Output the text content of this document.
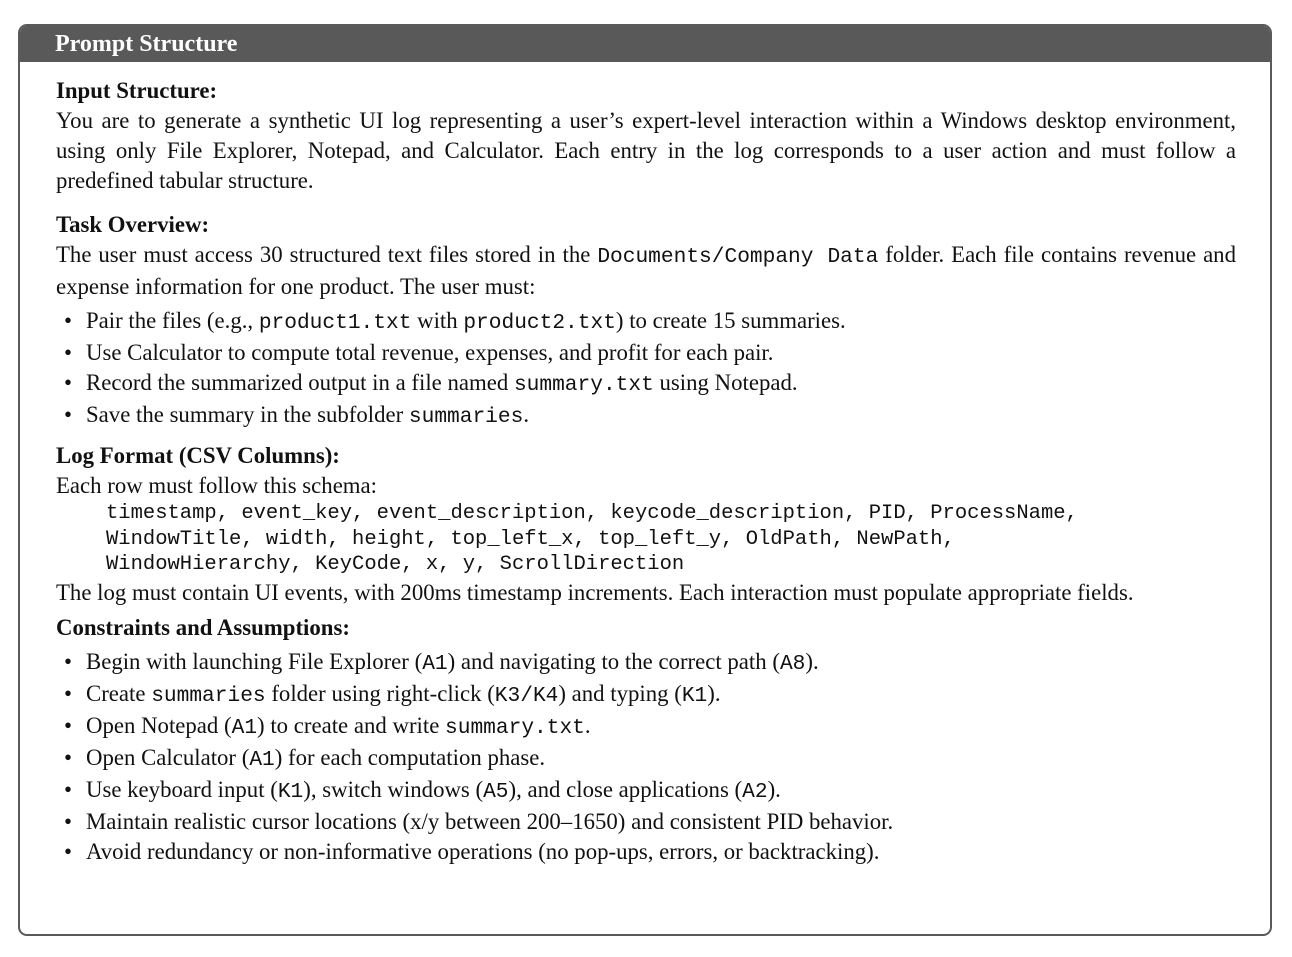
Prompt Structure

Input Structure:

You are to generate a synthetic UI log representing a user’s expert-level interaction within a Windows desktop environment, using only File Explorer, Notepad, and Calculator. Each entry in the log corresponds to a user action and must follow a predefined tabular structure.

Task Overview:

The user must access 30 structured text files stored in the Documents/Company Data folder. Each file contains revenue and expense information for one product. The user must:

• Pair the files (e.g., product1.txt with product2.txt) to create 15 summaries.
• Use Calculator to compute total revenue, expenses, and profit for each pair.
• Record the summarized output in a file named summary.txt using Notepad.
• Save the summary in the subfolder summaries.

Log Format (CSV Columns):

Each row must follow this schema:

timestamp, event_key, event_description, keycode_description, PID, ProcessName,
WindowTitle, width, height, top_left_x, top_left_y, OldPath, NewPath,
WindowHierarchy, KeyCode, x, y, ScrollDirection

The log must contain UI events, with 200ms timestamp increments. Each interaction must populate appropriate fields.

Constraints and Assumptions:

• Begin with launching File Explorer (A1) and navigating to the correct path (A8).
• Create summaries folder using right-click (K3/K4) and typing (K1).
• Open Notepad (A1) to create and write summary.txt.
• Open Calculator (A1) for each computation phase.
• Use keyboard input (K1), switch windows (A5), and close applications (A2).
• Maintain realistic cursor locations (x/y between 200–1650) and consistent PID behavior.
• Avoid redundancy or non-informative operations (no pop-ups, errors, or backtracking).
